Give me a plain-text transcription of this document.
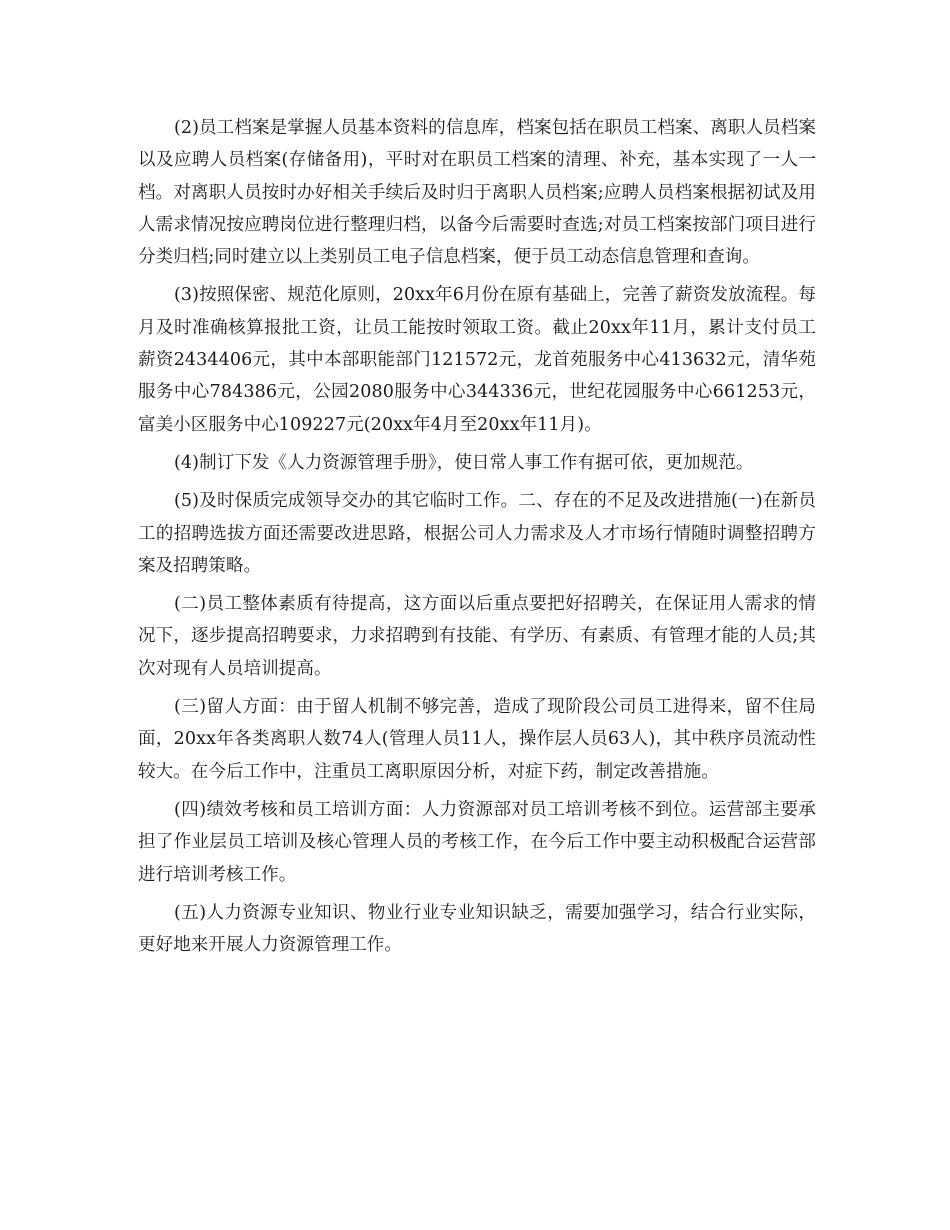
(2)员工档案是掌握人员基本资料的信息库，档案包括在职员工档案、离职人员档案以及应聘人员档案(存储备用)，平时对在职员工档案的清理、补充，基本实现了一人一档。对离职人员按时办好相关手续后及时归于离职人员档案;应聘人员档案根据初试及用人需求情况按应聘岗位进行整理归档，以备今后需要时查选;对员工档案按部门项目进行分类归档;同时建立以上类别员工电子信息档案，便于员工动态信息管理和查询。

(3)按照保密、规范化原则，20xx年6月份在原有基础上，完善了薪资发放流程。每月及时准确核算报批工资，让员工能按时领取工资。截止20xx年11月，累计支付员工薪资2434406元，其中本部职能部门121572元，龙首苑服务中心413632元，清华苑服务中心784386元，公园2080服务中心344336元，世纪花园服务中心661253元，富美小区服务中心109227元(20xx年4月至20xx年11月)。

(4)制订下发《人力资源管理手册》，使日常人事工作有据可依，更加规范。

(5)及时保质完成领导交办的其它临时工作。二、存在的不足及改进措施(一)在新员工的招聘选拔方面还需要改进思路，根据公司人力需求及人才市场行情随时调整招聘方案及招聘策略。

(二)员工整体素质有待提高，这方面以后重点要把好招聘关，在保证用人需求的情况下，逐步提高招聘要求，力求招聘到有技能、有学历、有素质、有管理才能的人员;其次对现有人员培训提高。

(三)留人方面：由于留人机制不够完善，造成了现阶段公司员工进得来，留不住局面，20xx年各类离职人数74人(管理人员11人，操作层人员63人)，其中秩序员流动性较大。在今后工作中，注重员工离职原因分析，对症下药，制定改善措施。

(四)绩效考核和员工培训方面：人力资源部对员工培训考核不到位。运营部主要承担了作业层员工培训及核心管理人员的考核工作，在今后工作中要主动积极配合运营部进行培训考核工作。

(五)人力资源专业知识、物业行业专业知识缺乏，需要加强学习，结合行业实际，更好地来开展人力资源管理工作。
